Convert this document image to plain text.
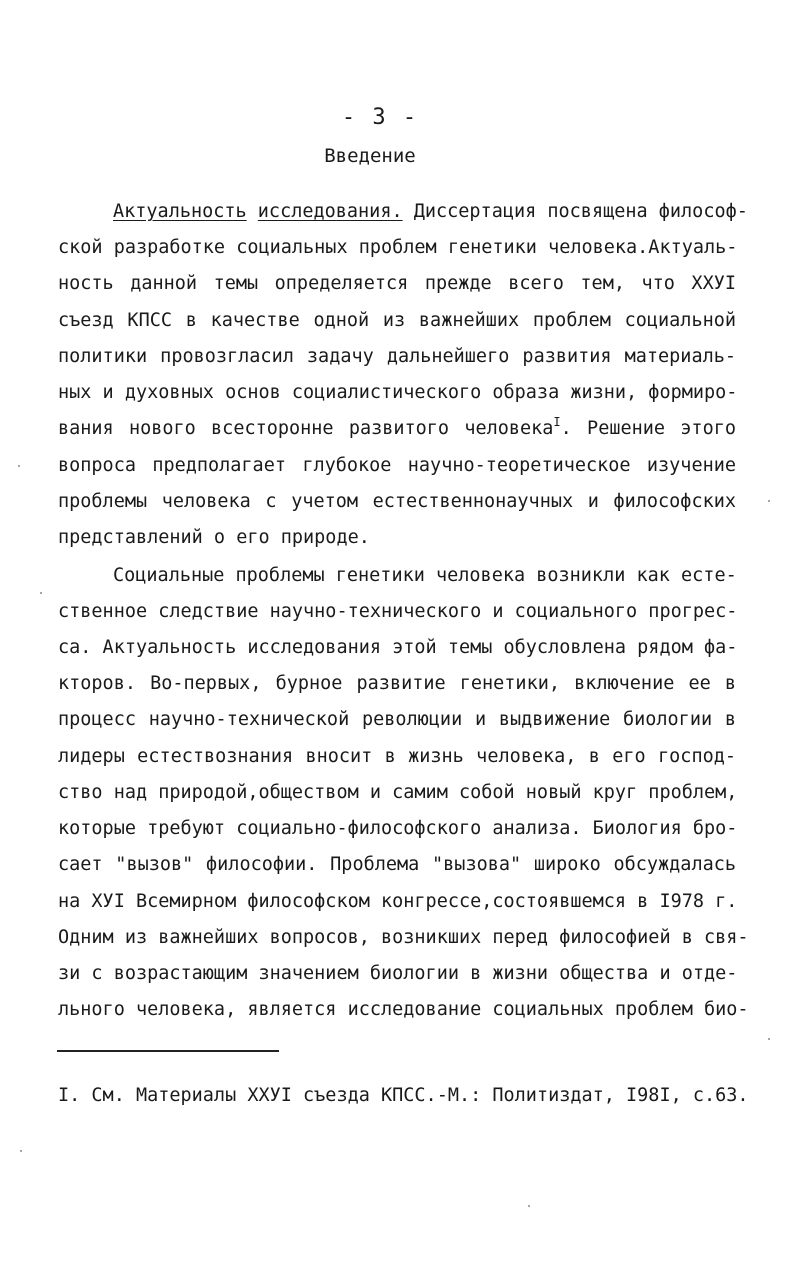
- 3 -
Введение
Актуальность исследования. Диссертация посвящена философ-
ской разработке социальных проблем генетики человека.Актуаль-
ность данной темы определяется прежде всего тем, что ХХУI
съезд КПСС в качестве одной из важнейших проблем социальной
политики провозгласил задачу дальнейшего развития материаль-
ных и духовных основ социалистического образа жизни, формиро-
вания нового всесторонне развитого человека$^I$. Решение этого
вопроса предполагает глубокое научно-теоретическое изучение
проблемы человека с учетом естественнонаучных и философских
представлений о его природе.
Социальные проблемы генетики человека возникли как есте-
ственное следствие научно-технического и социального прогрес-
са. Актуальность исследования этой темы обусловлена рядом фа-
кторов. Во-первых, бурное развитие генетики, включение ее в
процесс научно-технической революции и выдвижение биологии в
лидеры естествознания вносит в жизнь человека, в его господ-
ство над природой,обществом и самим собой новый круг проблем,
которые требуют социально-философского анализа. Биология бро-
сает "вызов" философии. Проблема "вызова" широко обсуждалась
на ХУI Всемирном философском конгрессе,состоявшемся в I978 г.
Одним из важнейших вопросов, возникших перед философией в свя-
зи с возрастающим значением биологии в жизни общества и отде-
льного человека, является исследование социальных проблем био-
I. См. Материалы ХХУI съезда КПСС.-М.: Политиздат, I98I, с.63.
